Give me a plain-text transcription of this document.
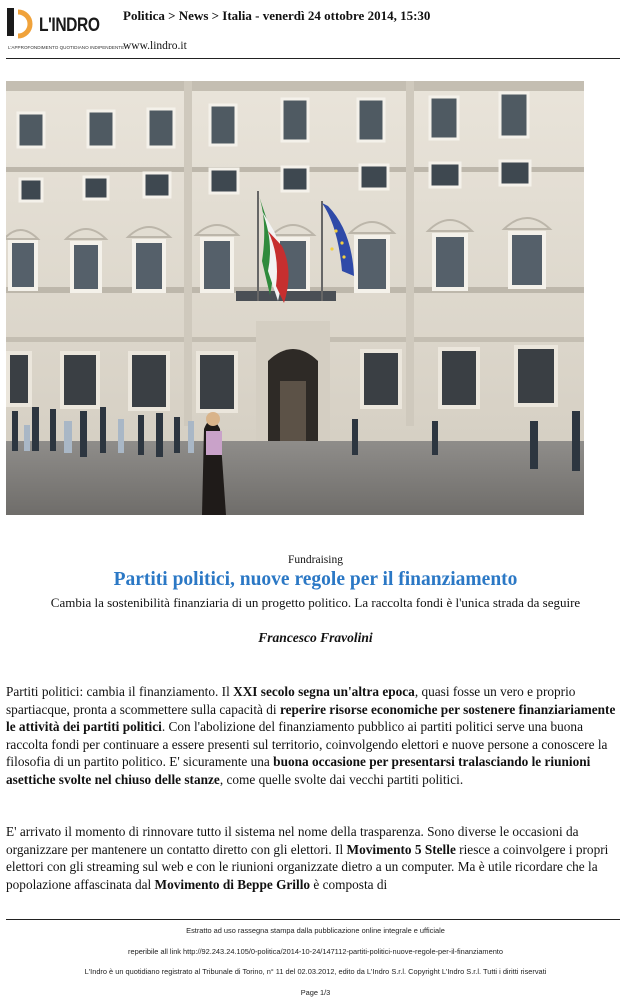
L'INDRO
L'APPROFONDIMENTO QUOTIDIANO INDIPENDENTE
Politica > News > Italia - venerdì 24 ottobre 2014, 15:30
www.lindro.it
Fundraising
Partiti politici, nuove regole per il finanziamento
Cambia la sostenibilità finanziaria di un progetto politico. La raccolta fondi è l'unica strada da seguire
Francesco Fravolini
Partiti politici: cambia il finanziamento. Il XXI secolo segna un'altra epoca, quasi fosse un vero e proprio spartiacque, pronta a scommettere sulla capacità di reperire risorse economiche per sostenere finanziariamente le attività dei partiti politici. Con l'abolizione del finanziamento pubblico ai partiti politici serve una buona raccolta fondi per continuare a essere presenti sul territorio, coinvolgendo elettori e nuove persone a conoscere la filosofia di un partito politico. E' sicuramente una buona occasione per presentarsi tralasciando le riunioni asettiche svolte nel chiuso delle stanze, come quelle svolte dai vecchi partiti politici.
E' arrivato il momento di rinnovare tutto il sistema nel nome della trasparenza. Sono diverse le occasioni da organizzare per mantenere un contatto diretto con gli elettori. Il Movimento 5 Stelle riesce a coinvolgere i propri elettori con gli streaming sul web e con le riunioni organizzate dietro a un computer. Ma è utile ricordare che la popolazione affascinata dal Movimento di Beppe Grillo è composta di
Estratto ad uso rassegna stampa dalla pubblicazione online integrale e ufficiale
reperibile all link http://92.243.24.105/0-politica/2014-10-24/147112-partiti-politici-nuove-regole-per-il-finanziamento
L'Indro è un quotidiano registrato al Tribunale di Torino, n° 11 del 02.03.2012, edito da L'Indro S.r.l. Copyright L'Indro S.r.l. Tutti i diritti riservati
Page 1/3
